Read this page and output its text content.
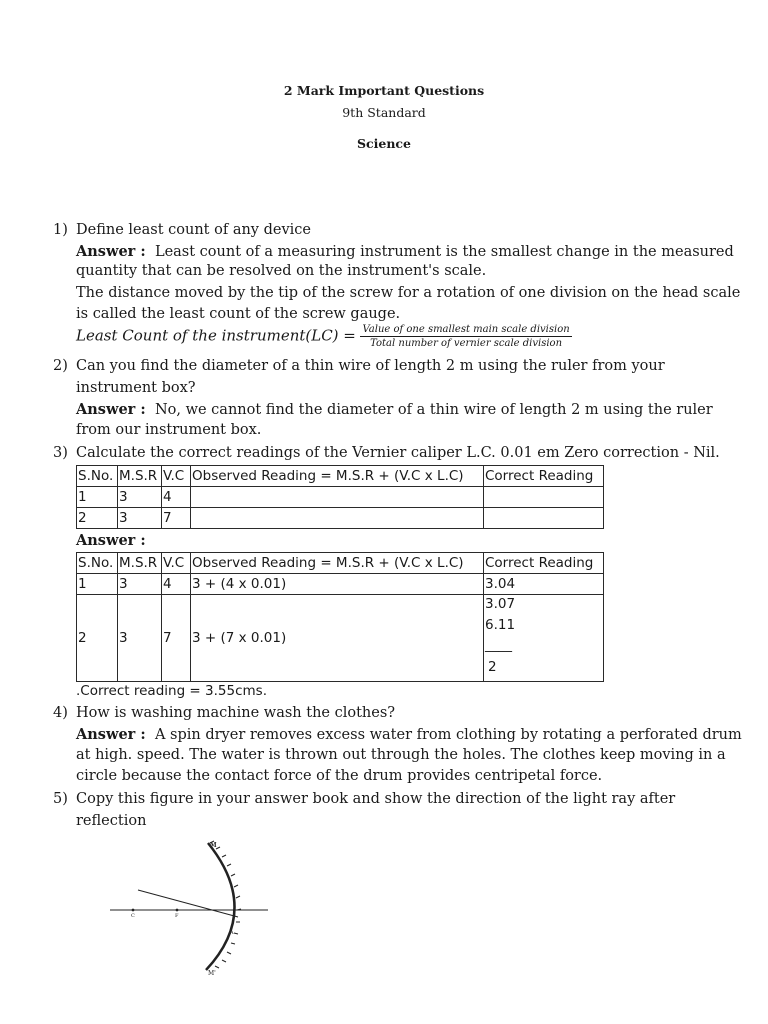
2 Mark Important Questions
9th Standard
Science
1) Define least count of any device
Answer : Least count of a measuring instrument is the smallest change in the measured
quantity that can be resolved on the instrument's scale.
The distance moved by the tip of the screw for a rotation of one division on the head scale
is called the least count of the screw gauge.
Least Count of the instrument(LC) = $\frac{\text{Value of one smallest main scale division}}{\text{Total number of vernier scale division}}$
2) Can you find the diameter of a thin wire of length 2 m using the ruler from your
instrument box?
Answer : No, we cannot find the diameter of a thin wire of length 2 m using the ruler
from our instrument box.
3) Calculate the correct readings of the Vernier caliper L.C. 0.01 em Zero correction - Nil.
S.No.	M.S.R	V.C	Observed Reading = M.S.R + (V.C x L.C)	Correct Reading
1	3	4		
2	3	7		
Answer :
S.No.	M.S.R	V.C	Observed Reading = M.S.R + (V.C x L.C)	Correct Reading
1	3	4	3 + (4 x 0.01)	3.04
2	3	7	3 + (7 x 0.01)	3.07
6.11
____
2
.Correct reading = 3.55cms.
4) How is washing machine wash the clothes?
Answer : A spin dryer removes excess water from clothing by rotating a perforated drum
at high. speed. The water is thrown out through the holes. The clothes keep moving in a
circle because the contact force of the drum provides centripetal force.
5) Copy this figure in your answer book and show the direction of the light ray after
reflection
M
M'
C	F
A
